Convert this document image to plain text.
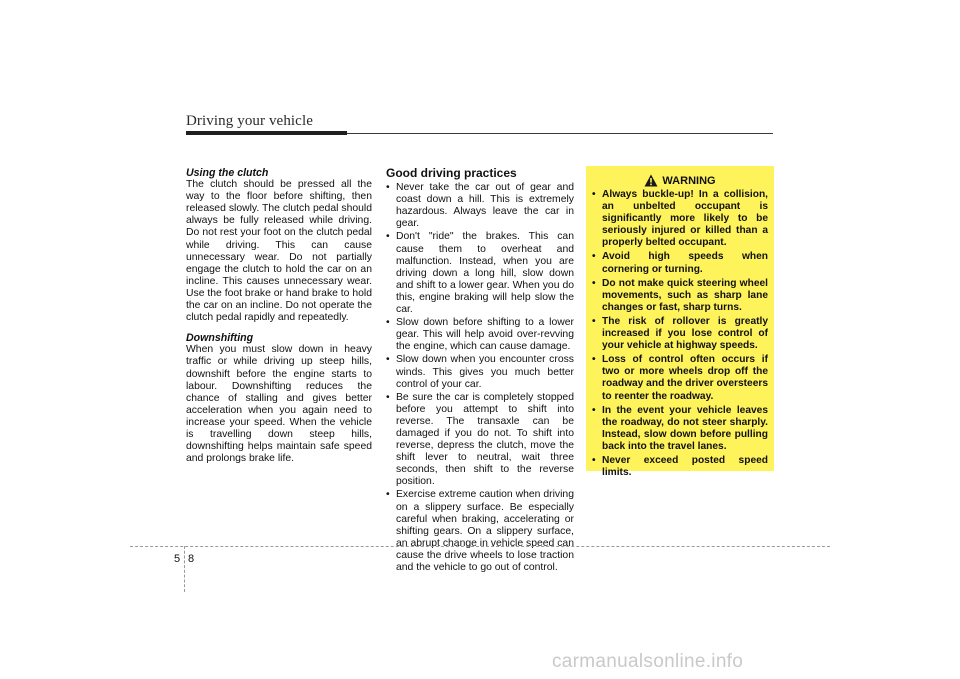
Driving your vehicle

Using the clutch

The clutch should be pressed all the way to the floor before shifting, then released slowly. The clutch pedal should always be fully released while driving. Do not rest your foot on the clutch pedal while driving. This can cause unnecessary wear. Do not partially engage the clutch to hold the car on an incline. This causes unnecessary wear. Use the foot brake or hand brake to hold the car on an incline. Do not operate the clutch pedal rapidly and repeatedly.

Downshifting

When you must slow down in heavy traffic or while driving up steep hills, downshift before the engine starts to labour. Downshifting reduces the chance of stalling and gives better acceleration when you again need to increase your speed. When the vehicle is travelling down steep hills, downshifting helps maintain safe speed and prolongs brake life.

Good driving practices

• Never take the car out of gear and coast down a hill. This is extremely hazardous. Always leave the car in gear.
• Don't "ride" the brakes. This can cause them to overheat and malfunction. Instead, when you are driving down a long hill, slow down and shift to a lower gear. When you do this, engine braking will help slow the car.
• Slow down before shifting to a lower gear. This will help avoid over-revving the engine, which can cause damage.
• Slow down when you encounter cross winds. This gives you much better control of your car.
• Be sure the car is completely stopped before you attempt to shift into reverse. The transaxle can be damaged if you do not. To shift into reverse, depress the clutch, move the shift lever to neutral, wait three seconds, then shift to the reverse position.
• Exercise extreme caution when driving on a slippery surface. Be especially careful when braking, accelerating or shifting gears. On a slippery surface, an abrupt change in vehicle speed can cause the drive wheels to lose traction and the vehicle to go out of control.
WARNING
• Always buckle-up! In a collision, an unbelted occupant is significantly more likely to be seriously injured or killed than a properly belted occupant.
• Avoid high speeds when cornering or turning.
• Do not make quick steering wheel movements, such as sharp lane changes or fast, sharp turns.
• The risk of rollover is greatly increased if you lose control of your vehicle at highway speeds.
• Loss of control often occurs if two or more wheels drop off the roadway and the driver oversteers to reenter the roadway.
• In the event your vehicle leaves the roadway, do not steer sharply. Instead, slow down before pulling back into the travel lanes.
• Never exceed posted speed limits.
5 8
carmanualsonline.info
